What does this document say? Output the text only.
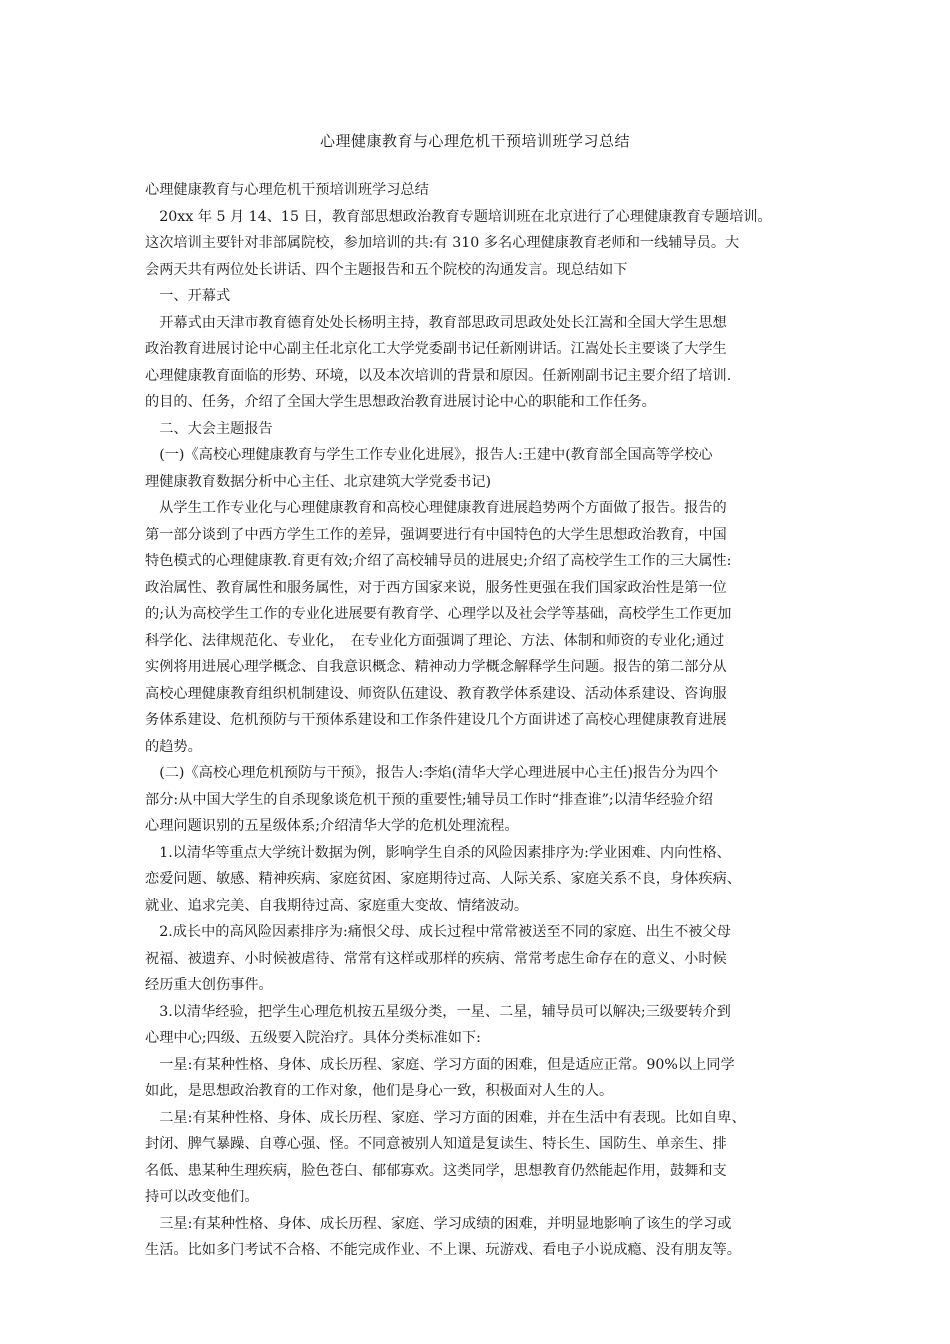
心理健康教育与心理危机干预培训班学习总结
心理健康教育与心理危机干预培训班学习总结
　20xx 年 5 月 14、15 日，教育部思想政治教育专题培训班在北京进行了心理健康教育专题培训。
这次培训主要针对非部属院校，参加培训的共:有 310 多名心理健康教育老师和一线辅导员。大
会两天共有两位处长讲话、四个主题报告和五个院校的沟通发言。现总结如下
　一、开幕式
　开幕式由天津市教育德育处处长杨明主持，教育部思政司思政处处长江嵩和全国大学生思想
政治教育进展讨论中心副主任北京化工大学党委副书记任新刚讲话。江嵩处长主要谈了大学生
心理健康教育面临的形势、环境，以及本次培训的背景和原因。任新刚副书记主要介绍了培训.
的目的、任务，介绍了全国大学生思想政治教育进展讨论中心的职能和工作任务。
　二、大会主题报告
　(一)《高校心理健康教育与学生工作专业化进展》，报告人:王建中(教育部全国高等学校心
理健康教育数据分析中心主任、北京建筑大学党委书记)
　从学生工作专业化与心理健康教育和高校心理健康教育进展趋势两个方面做了报告。报告的
第一部分谈到了中西方学生工作的差异，强调要进行有中国特色的大学生思想政治教育，中国
特色模式的心理健康教.育更有效;介绍了高校辅导员的进展史;介绍了高校学生工作的三大属性:
政治属性、教育属性和服务属性，对于西方国家来说，服务性更强在我们国家政治性是第一位
的;认为高校学生工作的专业化进展要有教育学、心理学以及社会学等基础，高校学生工作更加
科学化、法律规范化、专业化，　在专业化方面强调了理论、方法、体制和师资的专业化;通过
实例将用进展心理学概念、自我意识概念、精神动力学概念解释学生问题。报告的第二部分从
高校心理健康教育组织机制建设、师资队伍建设、教育教学体系建设、活动体系建设、咨询服
务体系建设、危机预防与干预体系建设和工作条件建设几个方面讲述了高校心理健康教育进展
的趋势。
　(二)《高校心理危机预防与干预》，报告人:李焰(清华大学心理进展中心主任)报告分为四个
部分:从中国大学生的自杀现象谈危机干预的重要性;辅导员工作时“排查谁”;以清华经验介绍
心理问题识别的五星级体系;介绍清华大学的危机处理流程。
　1.以清华等重点大学统计数据为例，影响学生自杀的风险因素排序为:学业困难、内向性格、
恋爱问题、敏感、精神疾病、家庭贫困、家庭期待过高、人际关系、家庭关系不良，身体疾病、
就业、追求完美、自我期待过高、家庭重大变故、情绪波动。
　2.成长中的高风险因素排序为:痛恨父母、成长过程中常常被送至不同的家庭、出生不被父母
祝福、被遗弃、小时候被虐待、常常有这样或那样的疾病、常常考虑生命存在的意义、小时候
经历重大创伤事件。
　3.以清华经验，把学生心理危机按五星级分类，一星、二星，辅导员可以解决;三级要转介到
心理中心;四级、五级要入院治疗。具体分类标准如下:
　一星:有某种性格、身体、成长历程、家庭、学习方面的困难，但是适应正常。90%以上同学
如此，是思想政治教育的工作对象，他们是身心一致，积极面对人生的人。
　二星:有某种性格、身体、成长历程、家庭、学习方面的困难，并在生活中有表现。比如自卑、
封闭、脾气暴躁、自尊心强、怪。不同意被别人知道是复读生、特长生、国防生、单亲生、排
名低、患某种生理疾病，脸色苍白、郁郁寡欢。这类同学，思想教育仍然能起作用，鼓舞和支
持可以改变他们。
　三星:有某种性格、身体、成长历程、家庭、学习成绩的困难，并明显地影响了该生的学习或
生活。比如多门考试不合格、不能完成作业、不上课、玩游戏、看电子小说成瘾、没有朋友等。
